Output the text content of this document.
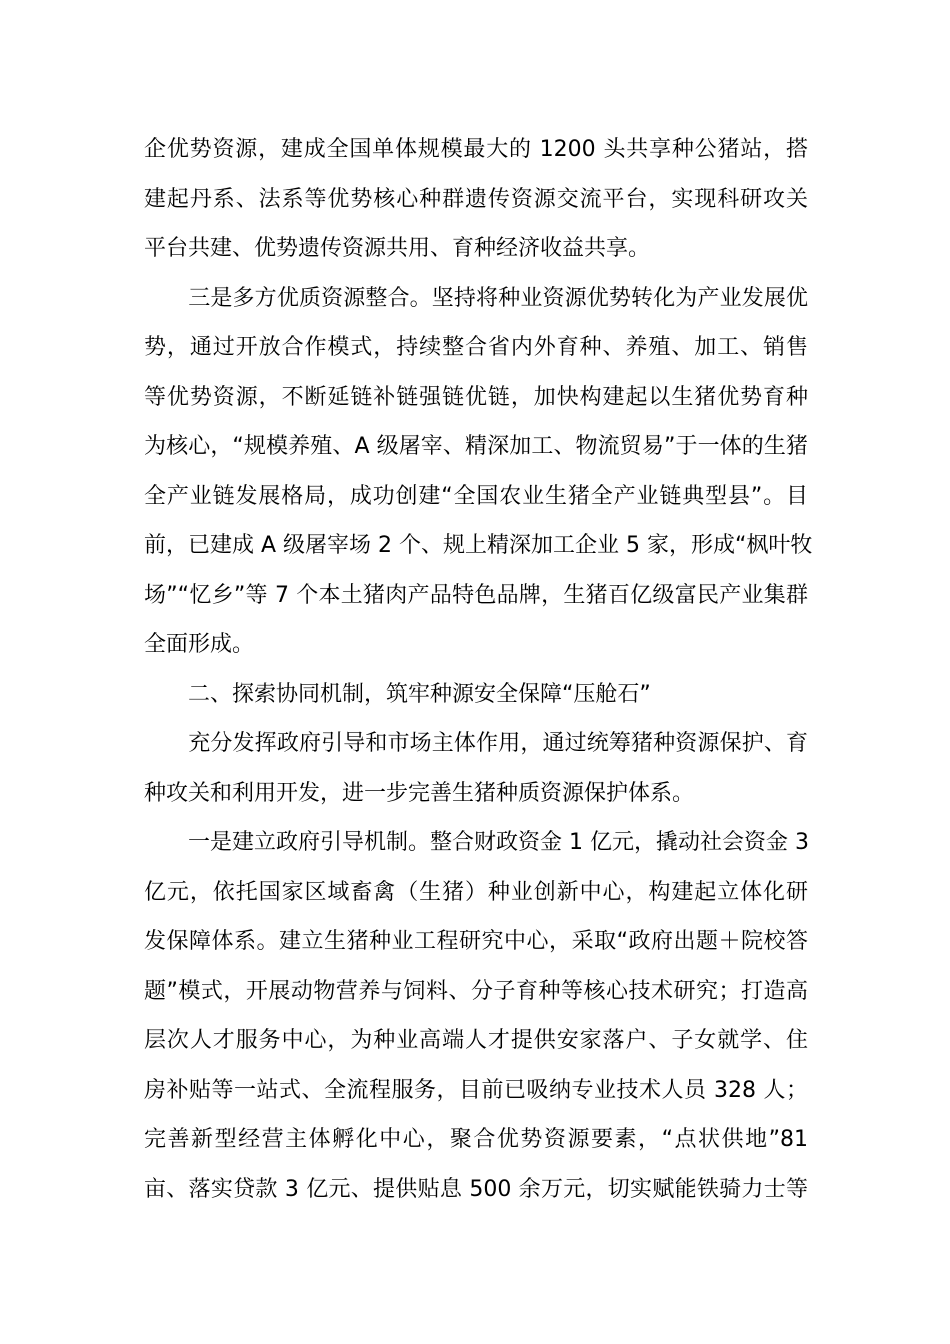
企优势资源，建成全国单体规模最大的 1200 头共享种公猪站，搭
建起丹系、法系等优势核心种群遗传资源交流平台，实现科研攻关
平台共建、优势遗传资源共用、育种经济收益共享。
　　三是多方优质资源整合。坚持将种业资源优势转化为产业发展优
势，通过开放合作模式，持续整合省内外育种、养殖、加工、销售
等优势资源，不断延链补链强链优链，加快构建起以生猪优势育种
为核心，“规模养殖、A 级屠宰、精深加工、物流贸易”于一体的生猪
全产业链发展格局，成功创建“全国农业生猪全产业链典型县”。目
前，已建成 A 级屠宰场 2 个、规上精深加工企业 5 家，形成“枫叶牧
场”“忆乡”等 7 个本土猪肉产品特色品牌，生猪百亿级富民产业集群
全面形成。
　　二、探索协同机制，筑牢种源安全保障“压舱石”
　　充分发挥政府引导和市场主体作用，通过统筹猪种资源保护、育
种攻关和利用开发，进一步完善生猪种质资源保护体系。
　　一是建立政府引导机制。整合财政资金 1 亿元，撬动社会资金 3
亿元，依托国家区域畜禽（生猪）种业创新中心，构建起立体化研
发保障体系。建立生猪种业工程研究中心，采取“政府出题＋院校答
题”模式，开展动物营养与饲料、分子育种等核心技术研究；打造高
层次人才服务中心，为种业高端人才提供安家落户、子女就学、住
房补贴等一站式、全流程服务，目前已吸纳专业技术人员 328 人；
完善新型经营主体孵化中心，聚合优势资源要素，“点状供地”81
亩、落实贷款 3 亿元、提供贴息 500 余万元，切实赋能铁骑力士等
